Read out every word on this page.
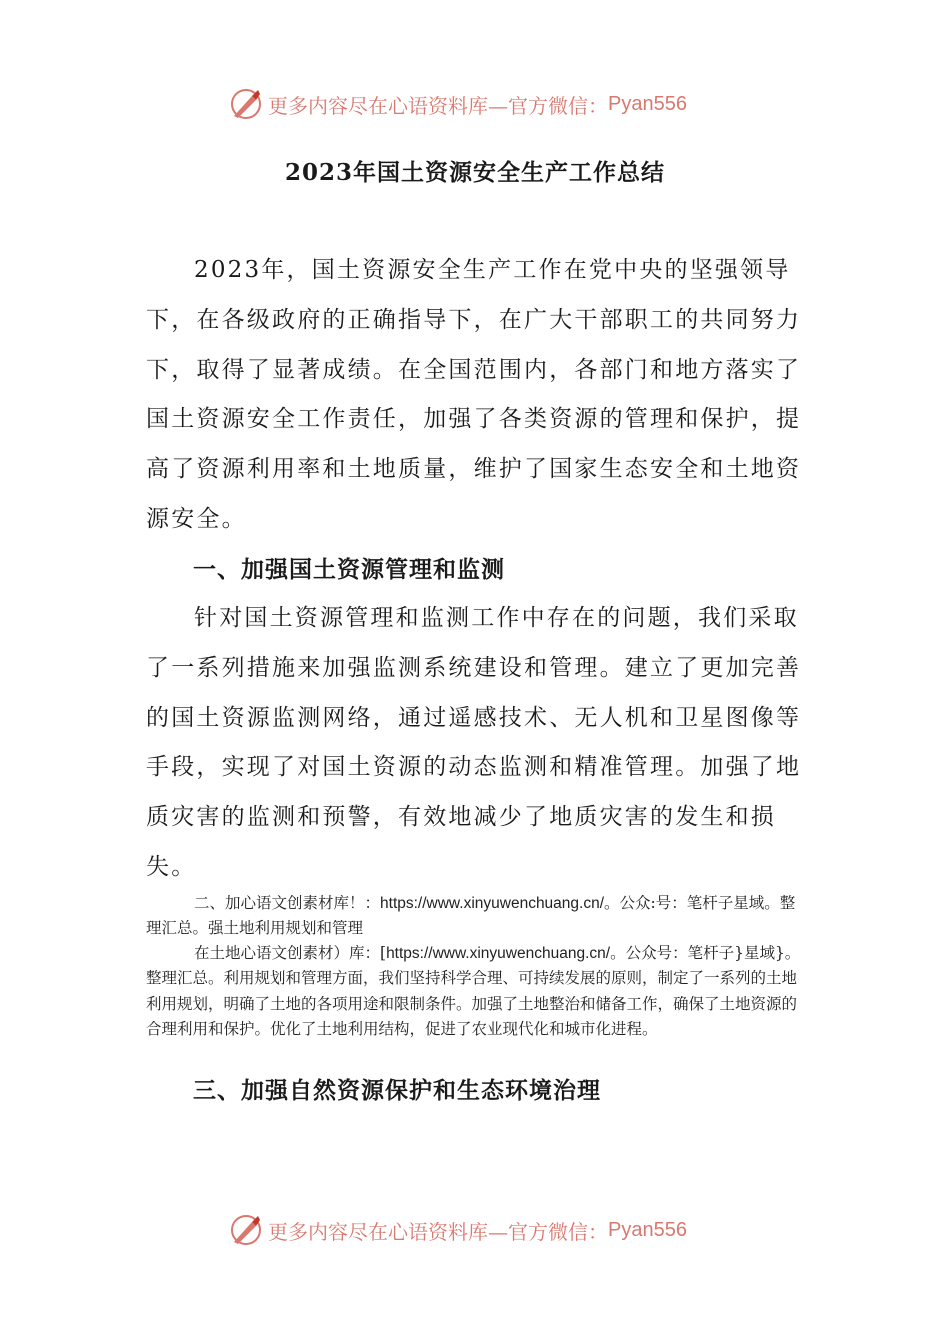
更多内容尽在心语资料库—官方微信： Pyan556
2023年国土资源安全生产工作总结

2023年，国土资源安全生产工作在党中央的坚强领导下，在各级政府的正确指导下，在广大干部职工的共同努力下，取得了显著成绩。在全国范围内，各部门和地方落实了国土资源安全工作责任，加强了各类资源的管理和保护，提高了资源利用率和土地质量，维护了国家生态安全和土地资源安全。

一、加强国土资源管理和监测

针对国土资源管理和监测工作中存在的问题，我们采取了一系列措施来加强监测系统建设和管理。建立了更加完善的国土资源监测网络，通过遥感技术、无人机和卫星图像等手段，实现了对国土资源的动态监测和精准管理。加强了地质灾害的监测和预警，有效地减少了地质灾害的发生和损失。

二、加心语文创素材库！：https://www.xinyuwenchuang.cn/。公众:号：笔杆子星域。整理汇总。强土地利用规划和管理

在土地心语文创素材）库：[https://www.xinyuwenchuang.cn/。公众号：笔杆子}星域}。整理汇总。利用规划和管理方面，我们坚持科学合理、可持续发展的原则，制定了一系列的土地利用规划，明确了土地的各项用途和限制条件。加强了土地整治和储备工作，确保了土地资源的合理利用和保护。优化了土地利用结构，促进了农业现代化和城市化进程。

三、加强自然资源保护和生态环境治理
更多内容尽在心语资料库—官方微信： Pyan556
